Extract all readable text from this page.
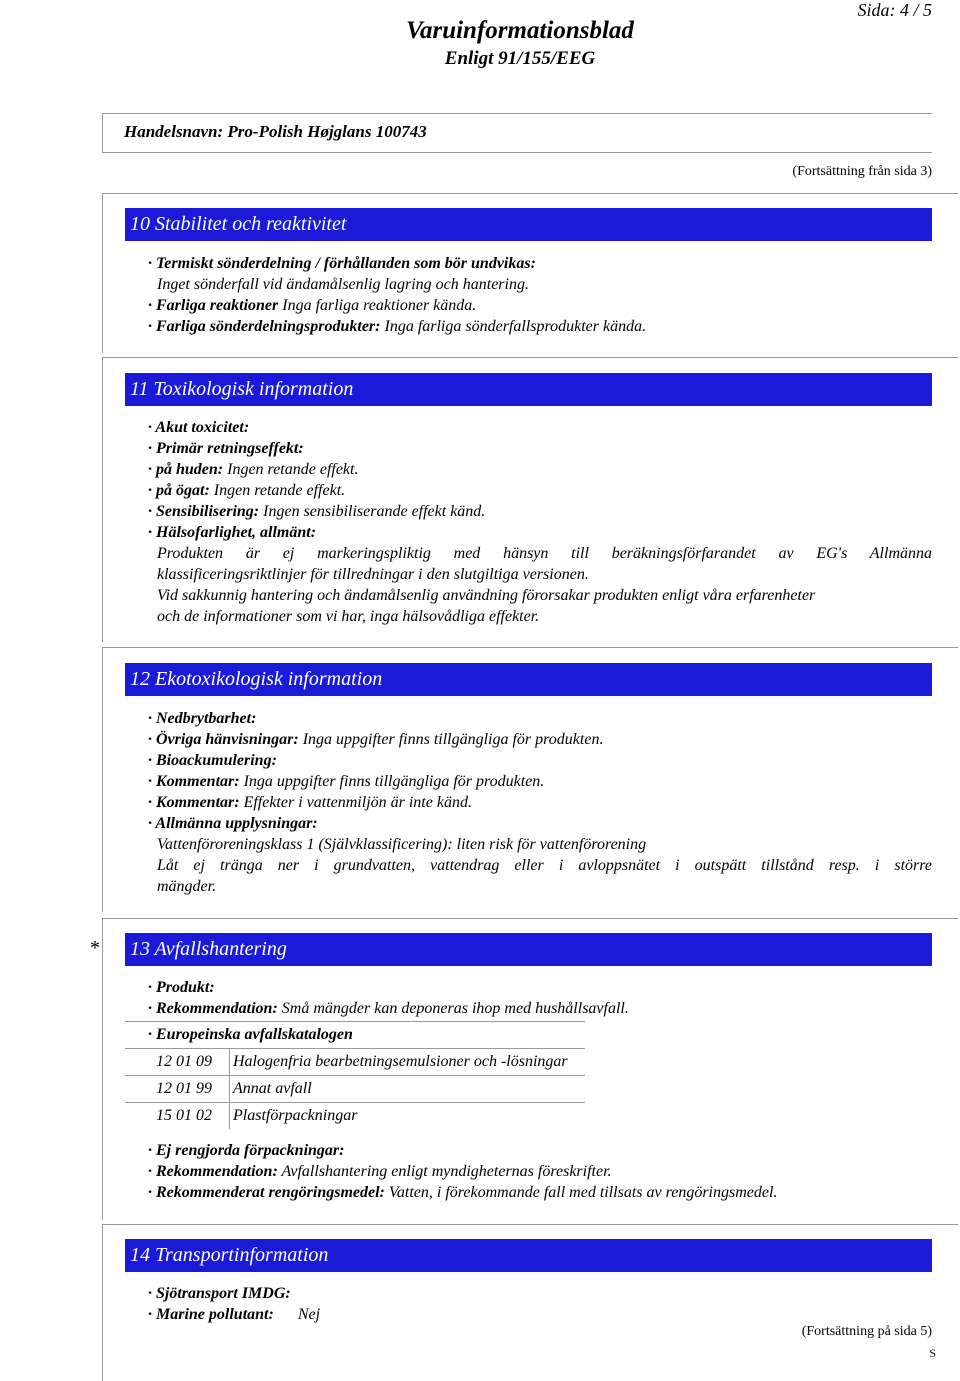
Sida: 4 / 5
Varuinformationsblad
Enligt 91/155/EEG
Handelsnavn: Pro-Polish Højglans 100743
(Fortsättning från sida 3)
10 Stabilitet och reaktivitet
· Termiskt sönderdelning / förhållanden som bör undvikas:
Inget sönderfall vid ändamålsenlig lagring och hantering.
· Farliga reaktioner Inga farliga reaktioner kända.
· Farliga sönderdelningsprodukter: Inga farliga sönderfallsprodukter kända.
11 Toxikologisk information
· Akut toxicitet:
· Primär retningseffekt:
· på huden: Ingen retande effekt.
· på ögat: Ingen retande effekt.
· Sensibilisering: Ingen sensibiliserande effekt känd.
· Hälsofarlighet, allmänt:
Produkten är ej markeringspliktig med hänsyn till beräkningsförfarandet av EG's Allmänna
klassificeringsriktlinjer för tillredningar i den slutgiltiga versionen.
Vid sakkunnig hantering och ändamålsenlig användning förorsakar produkten enligt våra erfarenheter
och de informationer som vi har, inga hälsovådliga effekter.
12 Ekotoxikologisk information
· Nedbrytbarhet:
· Övriga hänvisningar: Inga uppgifter finns tillgängliga för produkten.
· Bioackumulering:
· Kommentar: Inga uppgifter finns tillgängliga för produkten.
· Kommentar: Effekter i vattenmiljön är inte känd.
· Allmänna upplysningar:
Vattenföroreningsklass 1 (Självklassificering): liten risk för vattenförorening
Låt ej tränga ner i grundvatten, vattendrag eller i avloppsnätet i outspätt tillstånd resp. i större
mängder.
* 13 Avfallshantering
· Produkt:
· Rekommendation: Små mängder kan deponeras ihop med hushållsavfall.
· Europeinska avfallskatalogen	
12 01 09	Halogenfria bearbetningsemulsioner och -lösningar
12 01 99	Annat avfall
15 01 02	Plastförpackningar
· Ej rengjorda förpackningar:
· Rekommendation: Avfallshantering enligt myndigheternas föreskrifter.
· Rekommenderat rengöringsmedel: Vatten, i förekommande fall med tillsats av rengöringsmedel.
14 Transportinformation
· Sjötransport IMDG:
· Marine pollutant: Nej
(Fortsättning på sida 5)
S
